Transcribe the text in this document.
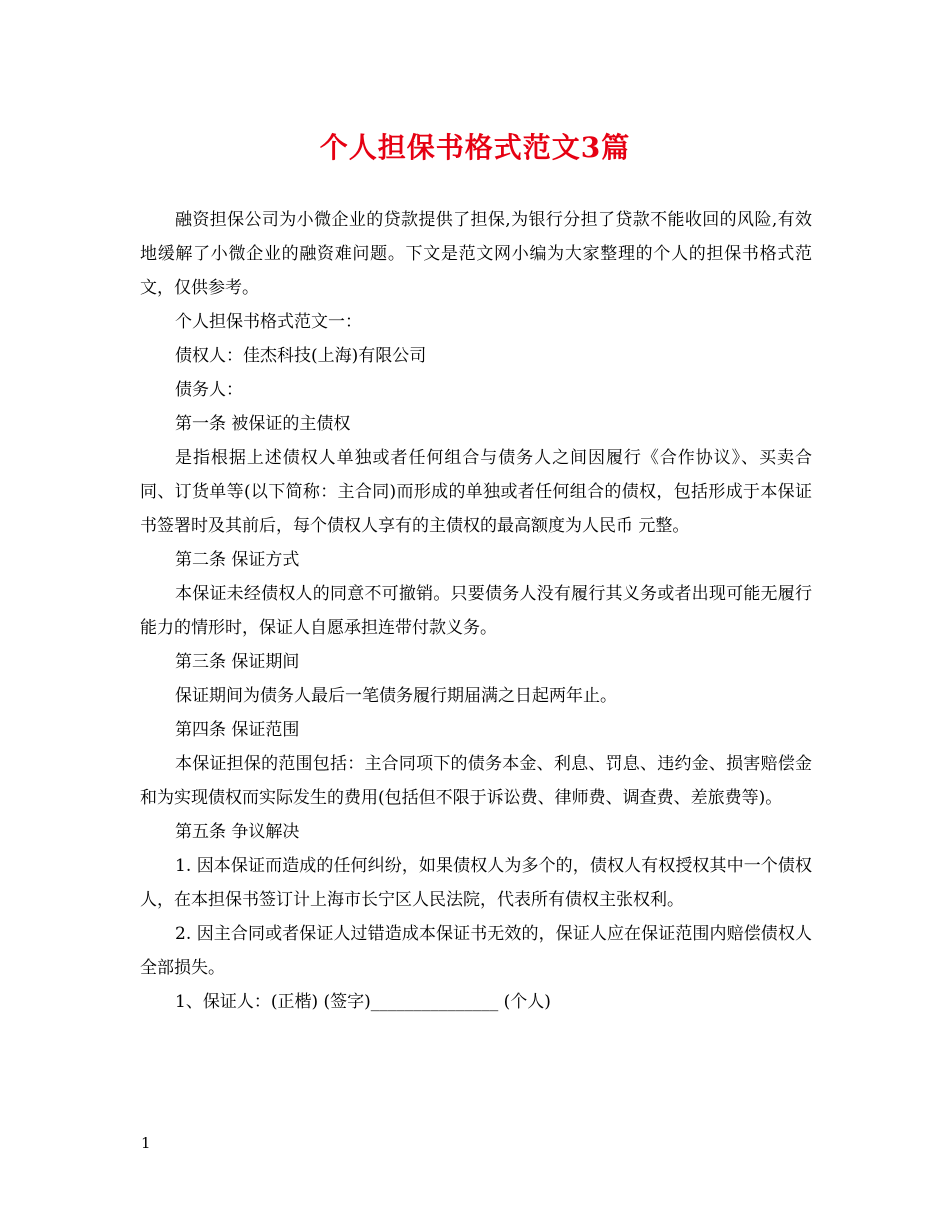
个人担保书格式范文3篇

融资担保公司为小微企业的贷款提供了担保,为银行分担了贷款不能收回的风险,有效地缓解了小微企业的融资难问题。下文是范文网小编为大家整理的个人的担保书格式范文，仅供参考。

个人担保书格式范文一：

债权人：佳杰科技(上海)有限公司

债务人：

第一条 被保证的主债权

是指根据上述债权人单独或者任何组合与债务人之间因履行《合作协议》、买卖合同、订货单等(以下简称：主合同)而形成的单独或者任何组合的债权，包括形成于本保证书签署时及其前后，每个债权人享有的主债权的最高额度为人民币 元整。

第二条 保证方式

本保证未经债权人的同意不可撤销。只要债务人没有履行其义务或者出现可能无履行能力的情形时，保证人自愿承担连带付款义务。

第三条 保证期间

保证期间为债务人最后一笔债务履行期届满之日起两年止。

第四条 保证范围

本保证担保的范围包括：主合同项下的债务本金、利息、罚息、违约金、损害赔偿金和为实现债权而实际发生的费用(包括但不限于诉讼费、律师费、调查费、差旅费等)。

第五条 争议解决

1. 因本保证而造成的任何纠纷，如果债权人为多个的，债权人有权授权其中一个债权人，在本担保书签订计上海市长宁区人民法院，代表所有债权主张权利。

2. 因主合同或者保证人过错造成本保证书无效的，保证人应在保证范围内赔偿债权人全部损失。

1、保证人：(正楷) (签字)_______________ (个人)

1
